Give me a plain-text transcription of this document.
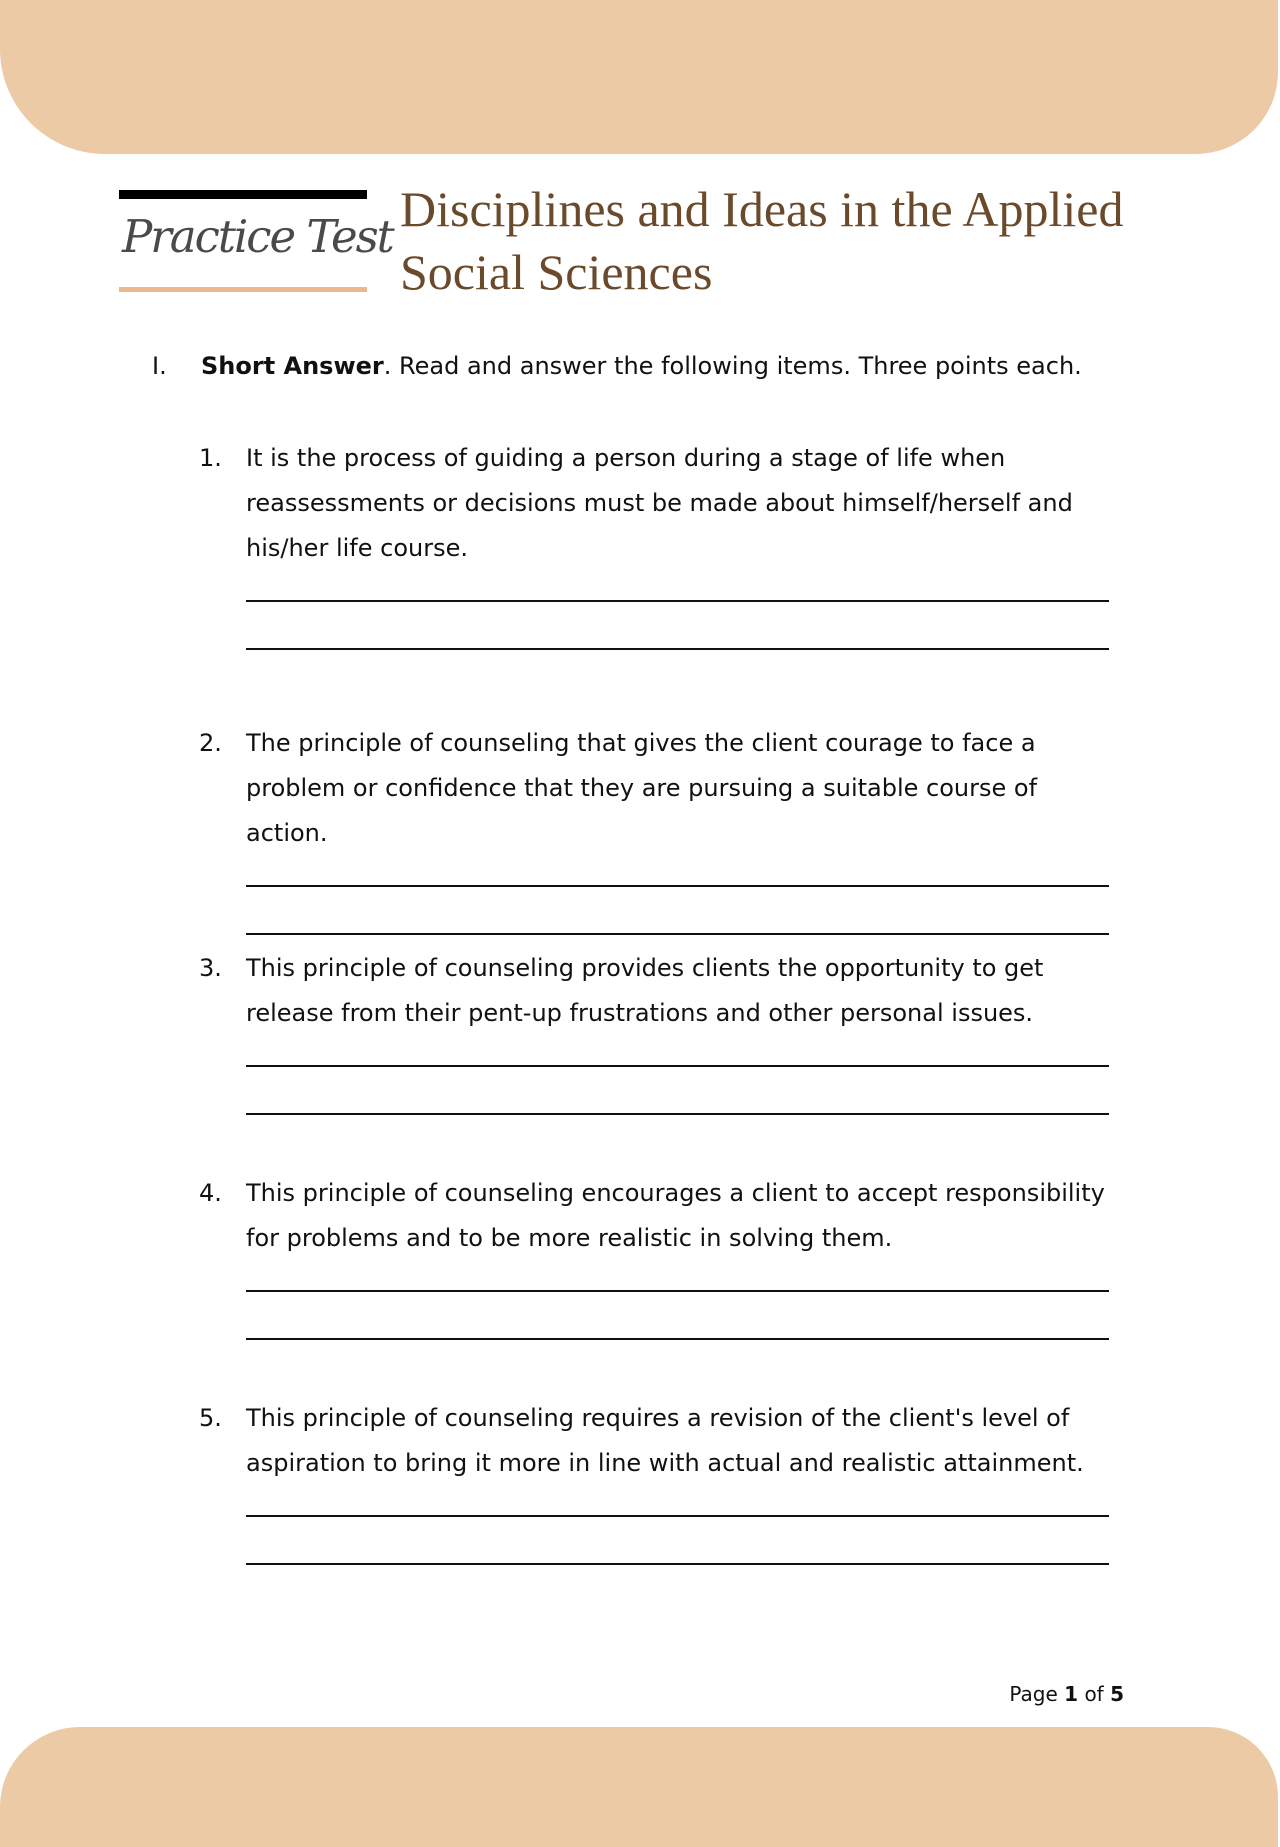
Practice Test Disciplines and Ideas in the Applied Social Sciences
I. Short Answer. Read and answer the following items. Three points each.
1. It is the process of guiding a person during a stage of life when reassessments or decisions must be made about himself/herself and his/her life course.
2. The principle of counseling that gives the client courage to face a problem or confidence that they are pursuing a suitable course of action.
3. This principle of counseling provides clients the opportunity to get release from their pent-up frustrations and other personal issues.
4. This principle of counseling encourages a client to accept responsibility for problems and to be more realistic in solving them.
5. This principle of counseling requires a revision of the client's level of aspiration to bring it more in line with actual and realistic attainment.
Page 1 of 5
